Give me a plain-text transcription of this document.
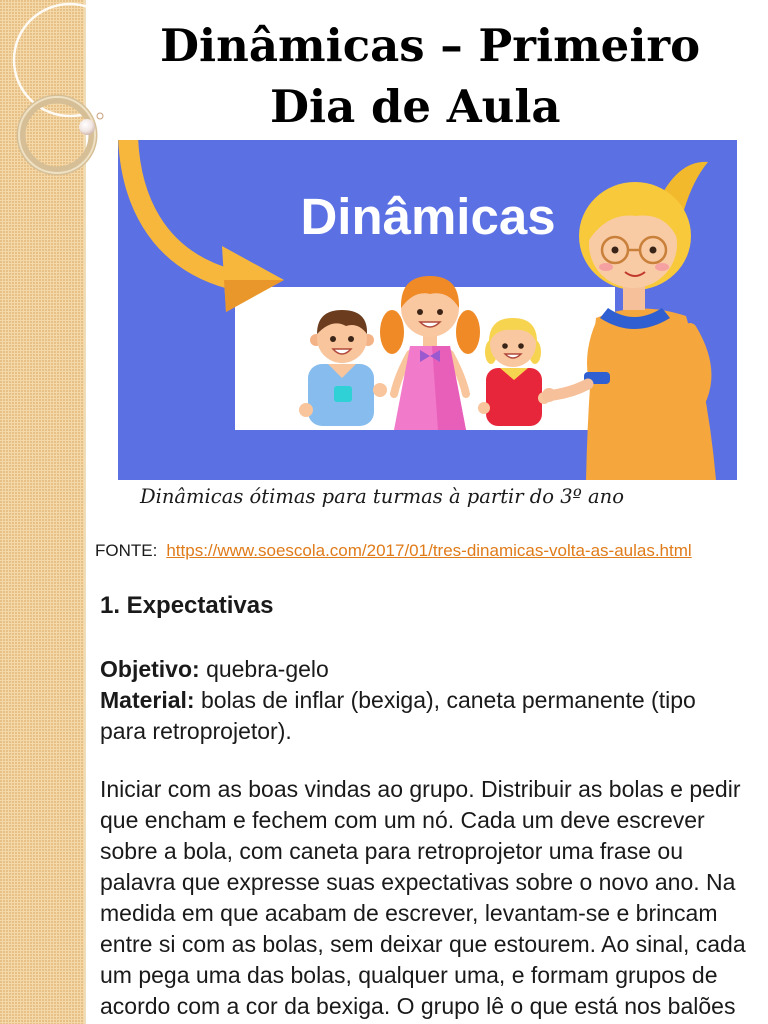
Dinâmicas – Primeiro
Dia de Aula
Dinâmicas
Dinâmicas ótimas para turmas à partir do 3º ano
FONTE: https://www.soescola.com/2017/01/tres-dinamicas-volta-as-aulas.html
1. Expectativas
Objetivo: quebra-gelo
Material: bolas de inflar (bexiga), caneta permanente (tipo para retroprojetor).
Iniciar com as boas vindas ao grupo. Distribuir as bolas e pedir
que encham e fechem com um nó. Cada um deve escrever
sobre a bola, com caneta para retroprojetor uma frase ou
palavra que expresse suas expectativas sobre o novo ano. Na
medida em que acabam de escrever, levantam-se e brincam
entre si com as bolas, sem deixar que estourem. Ao sinal, cada
um pega uma das bolas, qualquer uma, e formam grupos de
acordo com a cor da bexiga. O grupo lê o que está nos balões
